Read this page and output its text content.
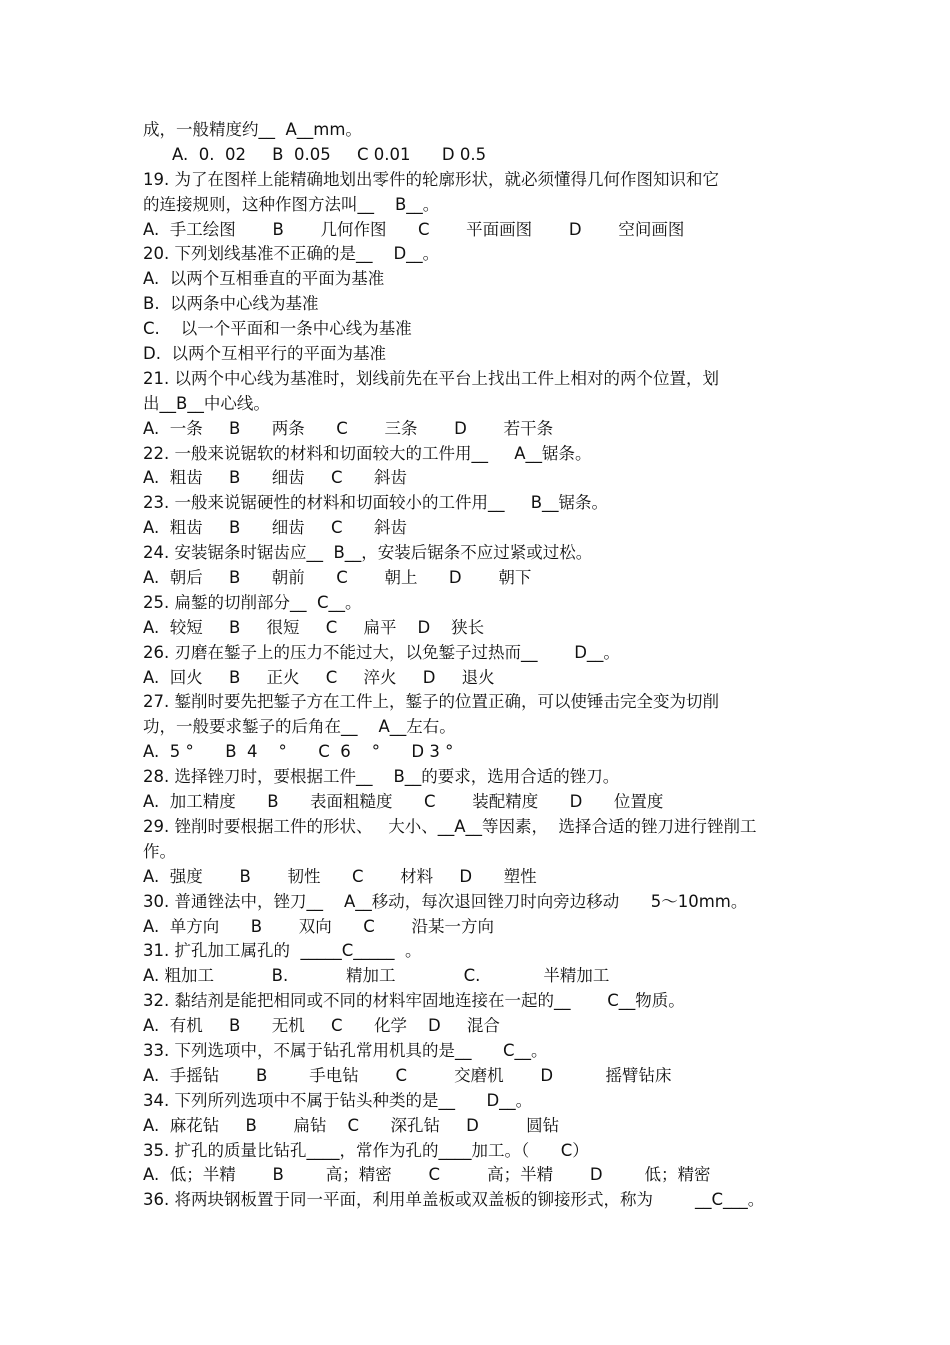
成，一般精度约__  A__mm。
A.  0.  02     B  0.05     C 0.01      D 0.5
19. 为了在图样上能精确地划出零件的轮廓形状，就必须懂得几何作图知识和它
的连接规则，这种作图方法叫__    B__。
A.  手工绘图       B       几何作图      C       平面画图       D       空间画图
20. 下列划线基准不正确的是__    D__。
A.  以两个互相垂直的平面为基准
B.  以两条中心线为基准
C.    以一个平面和一条中心线为基准
D.  以两个互相平行的平面为基准
21. 以两个中心线为基准时，划线前先在平台上找出工件上相对的两个位置，划
出__B__中心线。
A.  一条     B      两条      C       三条       D       若干条
22. 一般来说锯软的材料和切面较大的工件用__     A__锯条。
A.  粗齿     B      细齿     C      斜齿
23. 一般来说锯硬性的材料和切面较小的工件用__     B__锯条。
A.  粗齿     B      细齿     C      斜齿
24. 安装锯条时锯齿应__  B__，安装后锯条不应过紧或过松。
A.  朝后     B      朝前      C       朝上      D       朝下
25. 扁錾的切削部分__  C__。
A.  较短     B     很短     C     扁平    D    狭长
26. 刃磨在錾子上的压力不能过大，以免錾子过热而__       D__。
A.  回火     B     正火     C     淬火     D     退火
27. 錾削时要先把錾子方在工件上，錾子的位置正确，可以使锤击完全变为切削
功，一般要求錾子的后角在__    A__左右。
A.  5 °      B  4    °      C  6    °      D 3 °
28. 选择锉刀时，要根据工件__    B__的要求，选用合适的锉刀。
A.  加工精度      B      表面粗糙度      C       装配精度      D      位置度
29. 锉削时要根据工件的形状、   大小、__A__等因素，  选择合适的锉刀进行锉削工
作。
A.  强度       B       韧性      C       材料     D      塑性
30. 普通锉法中，锉刀__    A__移动，每次退回锉刀时向旁边移动      5～10mm。
A.  单方向      B       双向      C       沿某一方向
31. 扩孔加工属孔的  _____C_____  。
A. 粗加工           B.           精加工             C.            半精加工
32. 黏结剂是能把相同或不同的材料牢固地连接在一起的__       C__物质。
A.  有机     B      无机     C      化学    D     混合
33. 下列选项中，不属于钻孔常用机具的是__      C__。
A.  手摇钻       B        手电钻       C         交磨机       D          摇臂钻床
34. 下列所列选项中不属于钻头种类的是__      D__。
A.  麻花钻     B       扁钻    C      深孔钻     D         圆钻
35. 扩孔的质量比钻孔____，常作为孔的____加工。（      C）
A.  低；半精       B        高；精密       C         高；半精       D        低；精密
36. 将两块钢板置于同一平面，利用单盖板或双盖板的铆接形式，称为        __C___。
